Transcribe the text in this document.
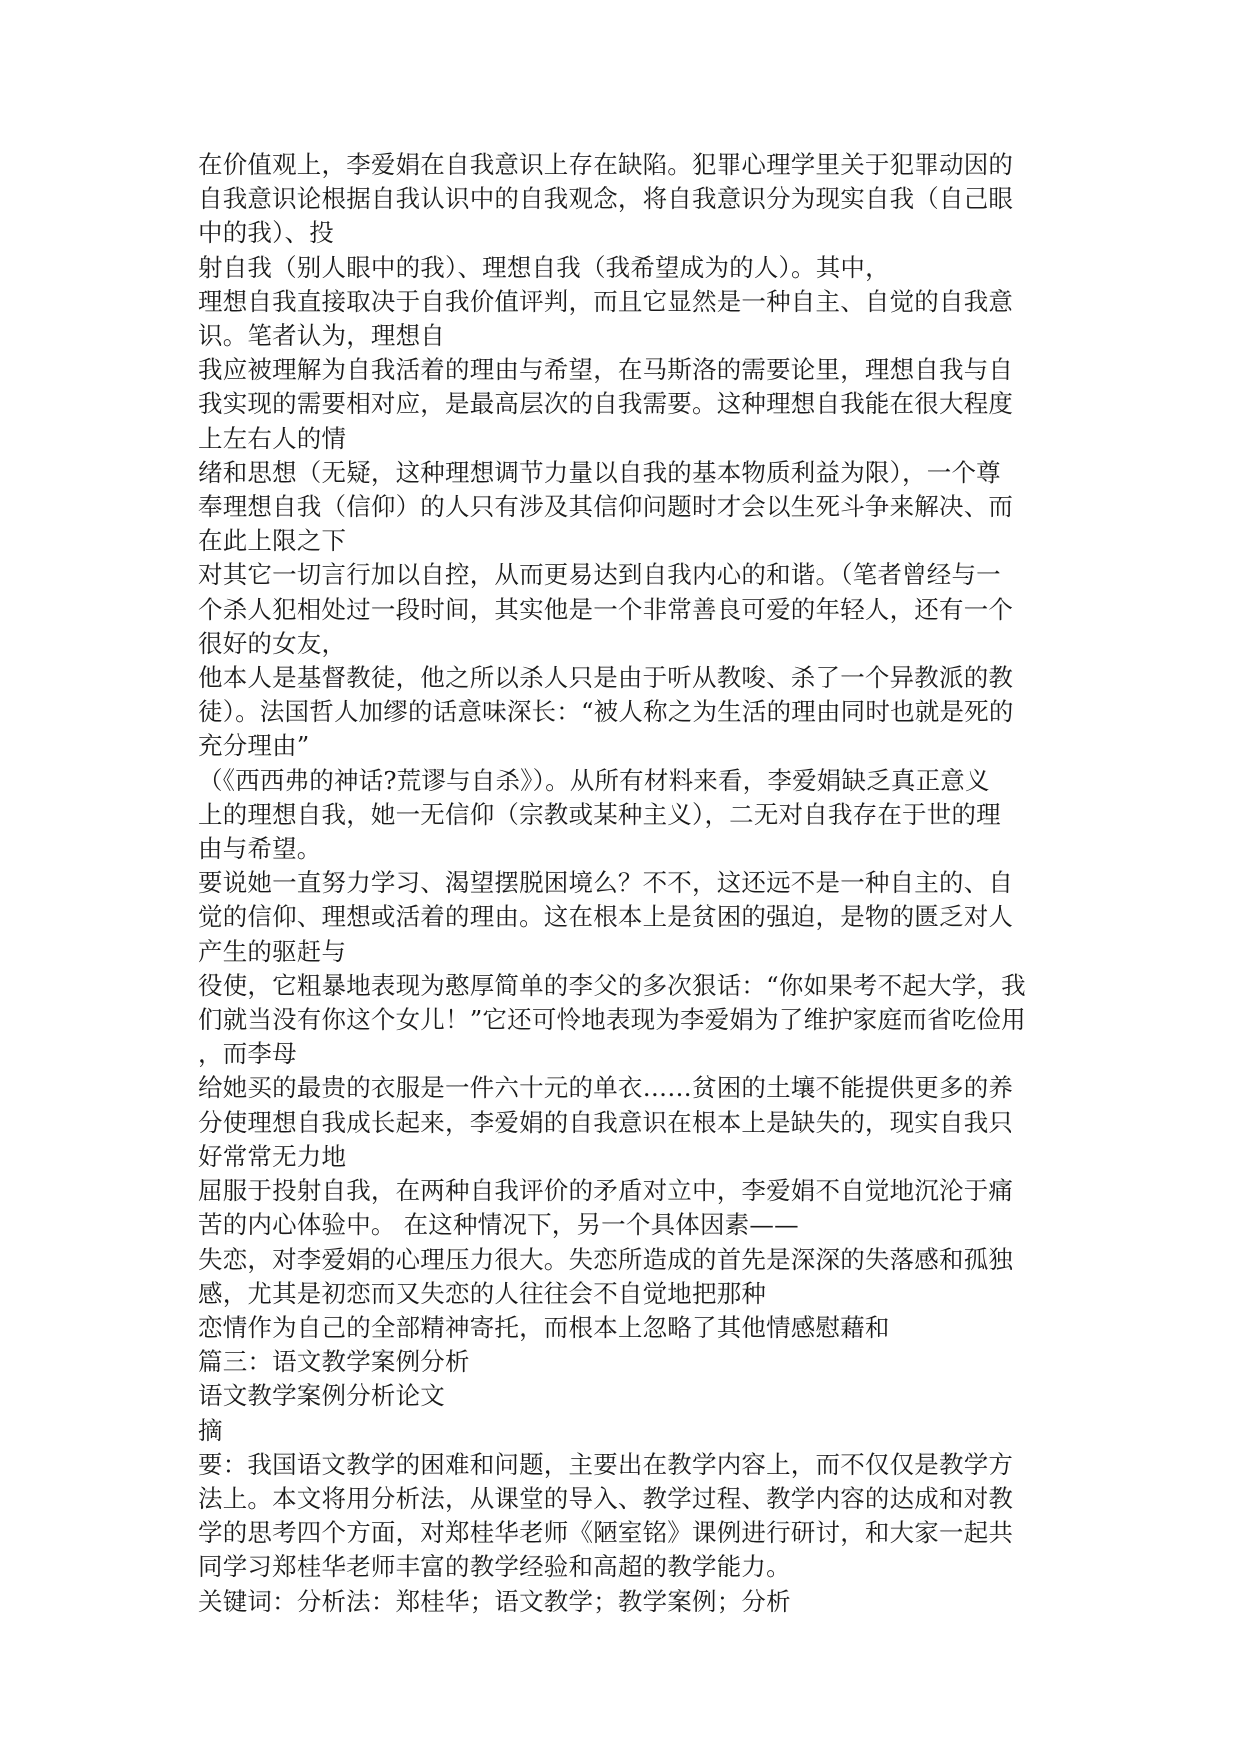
在价值观上，李爱娟在自我意识上存在缺陷。犯罪心理学里关于犯罪动因的
自我意识论根据自我认识中的自我观念，将自我意识分为现实自我（自己眼
中的我）、投
射自我（别人眼中的我）、理想自我（我希望成为的人）。其中，
理想自我直接取决于自我价值评判，而且它显然是一种自主、自觉的自我意
识。笔者认为，理想自
我应被理解为自我活着的理由与希望，在马斯洛的需要论里，理想自我与自
我实现的需要相对应，是最高层次的自我需要。这种理想自我能在很大程度
上左右人的情
绪和思想（无疑，这种理想调节力量以自我的基本物质利益为限），一个尊
奉理想自我（信仰）的人只有涉及其信仰问题时才会以生死斗争来解决、而
在此上限之下
对其它一切言行加以自控，从而更易达到自我内心的和谐。（笔者曾经与一
个杀人犯相处过一段时间，其实他是一个非常善良可爱的年轻人，还有一个
很好的女友，
他本人是基督教徒，他之所以杀人只是由于听从教唆、杀了一个异教派的教
徒）。法国哲人加缪的话意味深长：“被人称之为生活的理由同时也就是死的
充分理由”
（《西西弗的神话?荒谬与自杀》）。从所有材料来看，李爱娟缺乏真正意义
上的理想自我，她一无信仰（宗教或某种主义），二无对自我存在于世的理
由与希望。
要说她一直努力学习、渴望摆脱困境么？不不，这还远不是一种自主的、自
觉的信仰、理想或活着的理由。这在根本上是贫困的强迫，是物的匮乏对人
产生的驱赶与
役使，它粗暴地表现为憨厚简单的李父的多次狠话：“你如果考不起大学，我
们就当没有你这个女儿！”它还可怜地表现为李爱娟为了维护家庭而省吃俭用
，而李母
给她买的最贵的衣服是一件六十元的单衣……贫困的土壤不能提供更多的养
分使理想自我成长起来，李爱娟的自我意识在根本上是缺失的，现实自我只
好常常无力地
屈服于投射自我，在两种自我评价的矛盾对立中，李爱娟不自觉地沉沦于痛
苦的内心体验中。 在这种情况下，另一个具体因素——
失恋，对李爱娟的心理压力很大。失恋所造成的首先是深深的失落感和孤独
感，尤其是初恋而又失恋的人往往会不自觉地把那种
恋情作为自己的全部精神寄托，而根本上忽略了其他情感慰藉和
篇三：语文教学案例分析
语文教学案例分析论文
摘
要：我国语文教学的困难和问题，主要出在教学内容上，而不仅仅是教学方
法上。本文将用分析法，从课堂的导入、教学过程、教学内容的达成和对教
学的思考四个方面，对郑桂华老师《陋室铭》课例进行研讨，和大家一起共
同学习郑桂华老师丰富的教学经验和高超的教学能力。
关键词：分析法：郑桂华；语文教学；教学案例；分析
